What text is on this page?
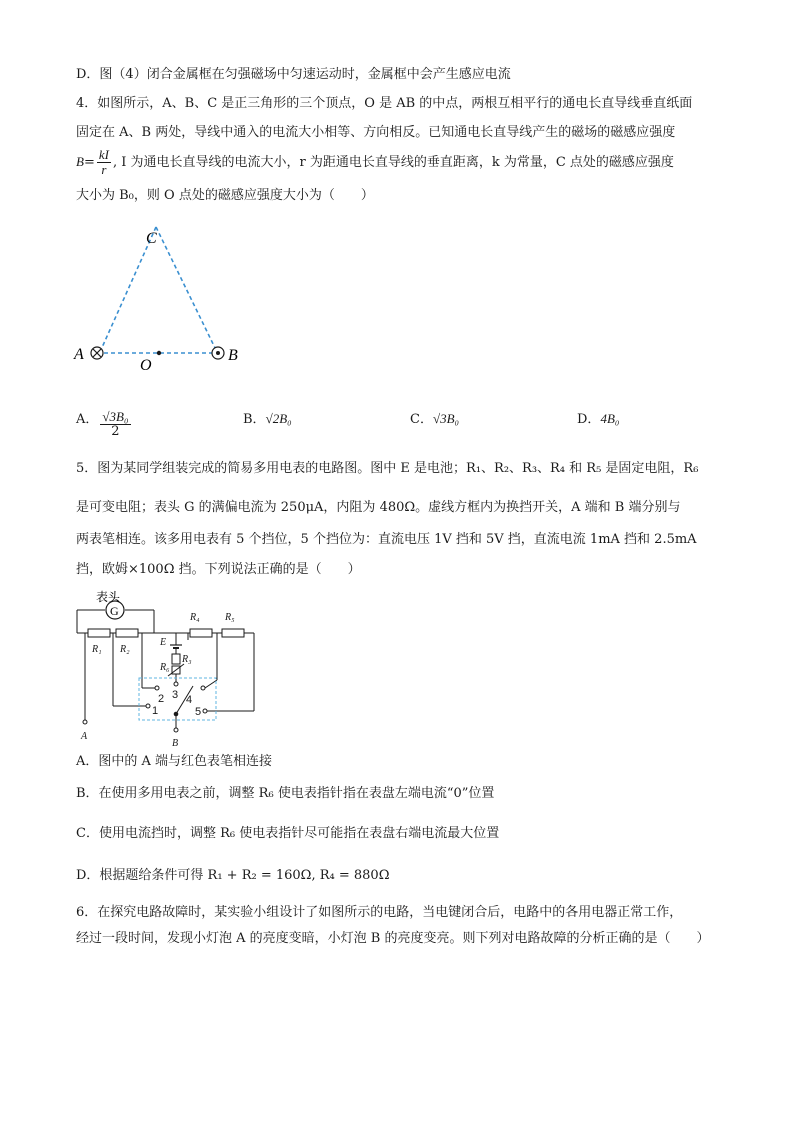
D．图（4）闭合金属框在匀强磁场中匀速运动时，金属框中会产生感应电流
4．如图所示，A、B、C 是正三角形的三个顶点，O 是 AB 的中点，两根互相平行的通电长直导线垂直纸面
固定在 A、B 两处，导线中通入的电流大小相等、方向相反。已知通电长直导线产生的磁场的磁感应强度
$B= \frac{kI}{r}$ , I 为通电长直导线的电流大小，r 为距通电长直导线的垂直距离，k 为常量，C 点处的磁感应强度
大小为 B₀，则 O 点处的磁感应强度大小为（　　）
C
A	B
O
A． $\frac{\text{√3B₀}}{2}$	B．√2B₀	C．√3B₀	D．4B₀
5．图为某同学组装完成的简易多用电表的电路图。图中 E 是电池；R₁、R₂、R₃、R₄ 和 R₅ 是固定电阻，R₆
是可变电阻；表头 G 的满偏电流为 250μA，内阻为 480Ω。虚线方框内为换挡开关，A 端和 B 端分别与
两表笔相连。该多用电表有 5 个挡位，5 个挡位为：直流电压 1V 挡和 5V 挡，直流电流 1mA 挡和 2.5mA
挡，欧姆×100Ω 挡。下列说法正确的是（　　）
G
表头
R₁ R₂
R₄	R₅
E
R₃
R₆
A
B
1
2 3 4
5
A．图中的 A 端与红色表笔相连接
B．在使用多用电表之前，调整 R₆ 使电表指针指在表盘左端电流“0”位置
C．使用电流挡时，调整 R₆ 使电表指针尽可能指在表盘右端电流最大位置
D．根据题给条件可得 R₁ + R₂ = 160Ω, R₄ = 880Ω
6．在探究电路故障时，某实验小组设计了如图所示的电路，当电键闭合后，电路中的各用电器正常工作，
经过一段时间，发现小灯泡 A 的亮度变暗，小灯泡 B 的亮度变亮。则下列对电路故障的分析正确的是（　　）
